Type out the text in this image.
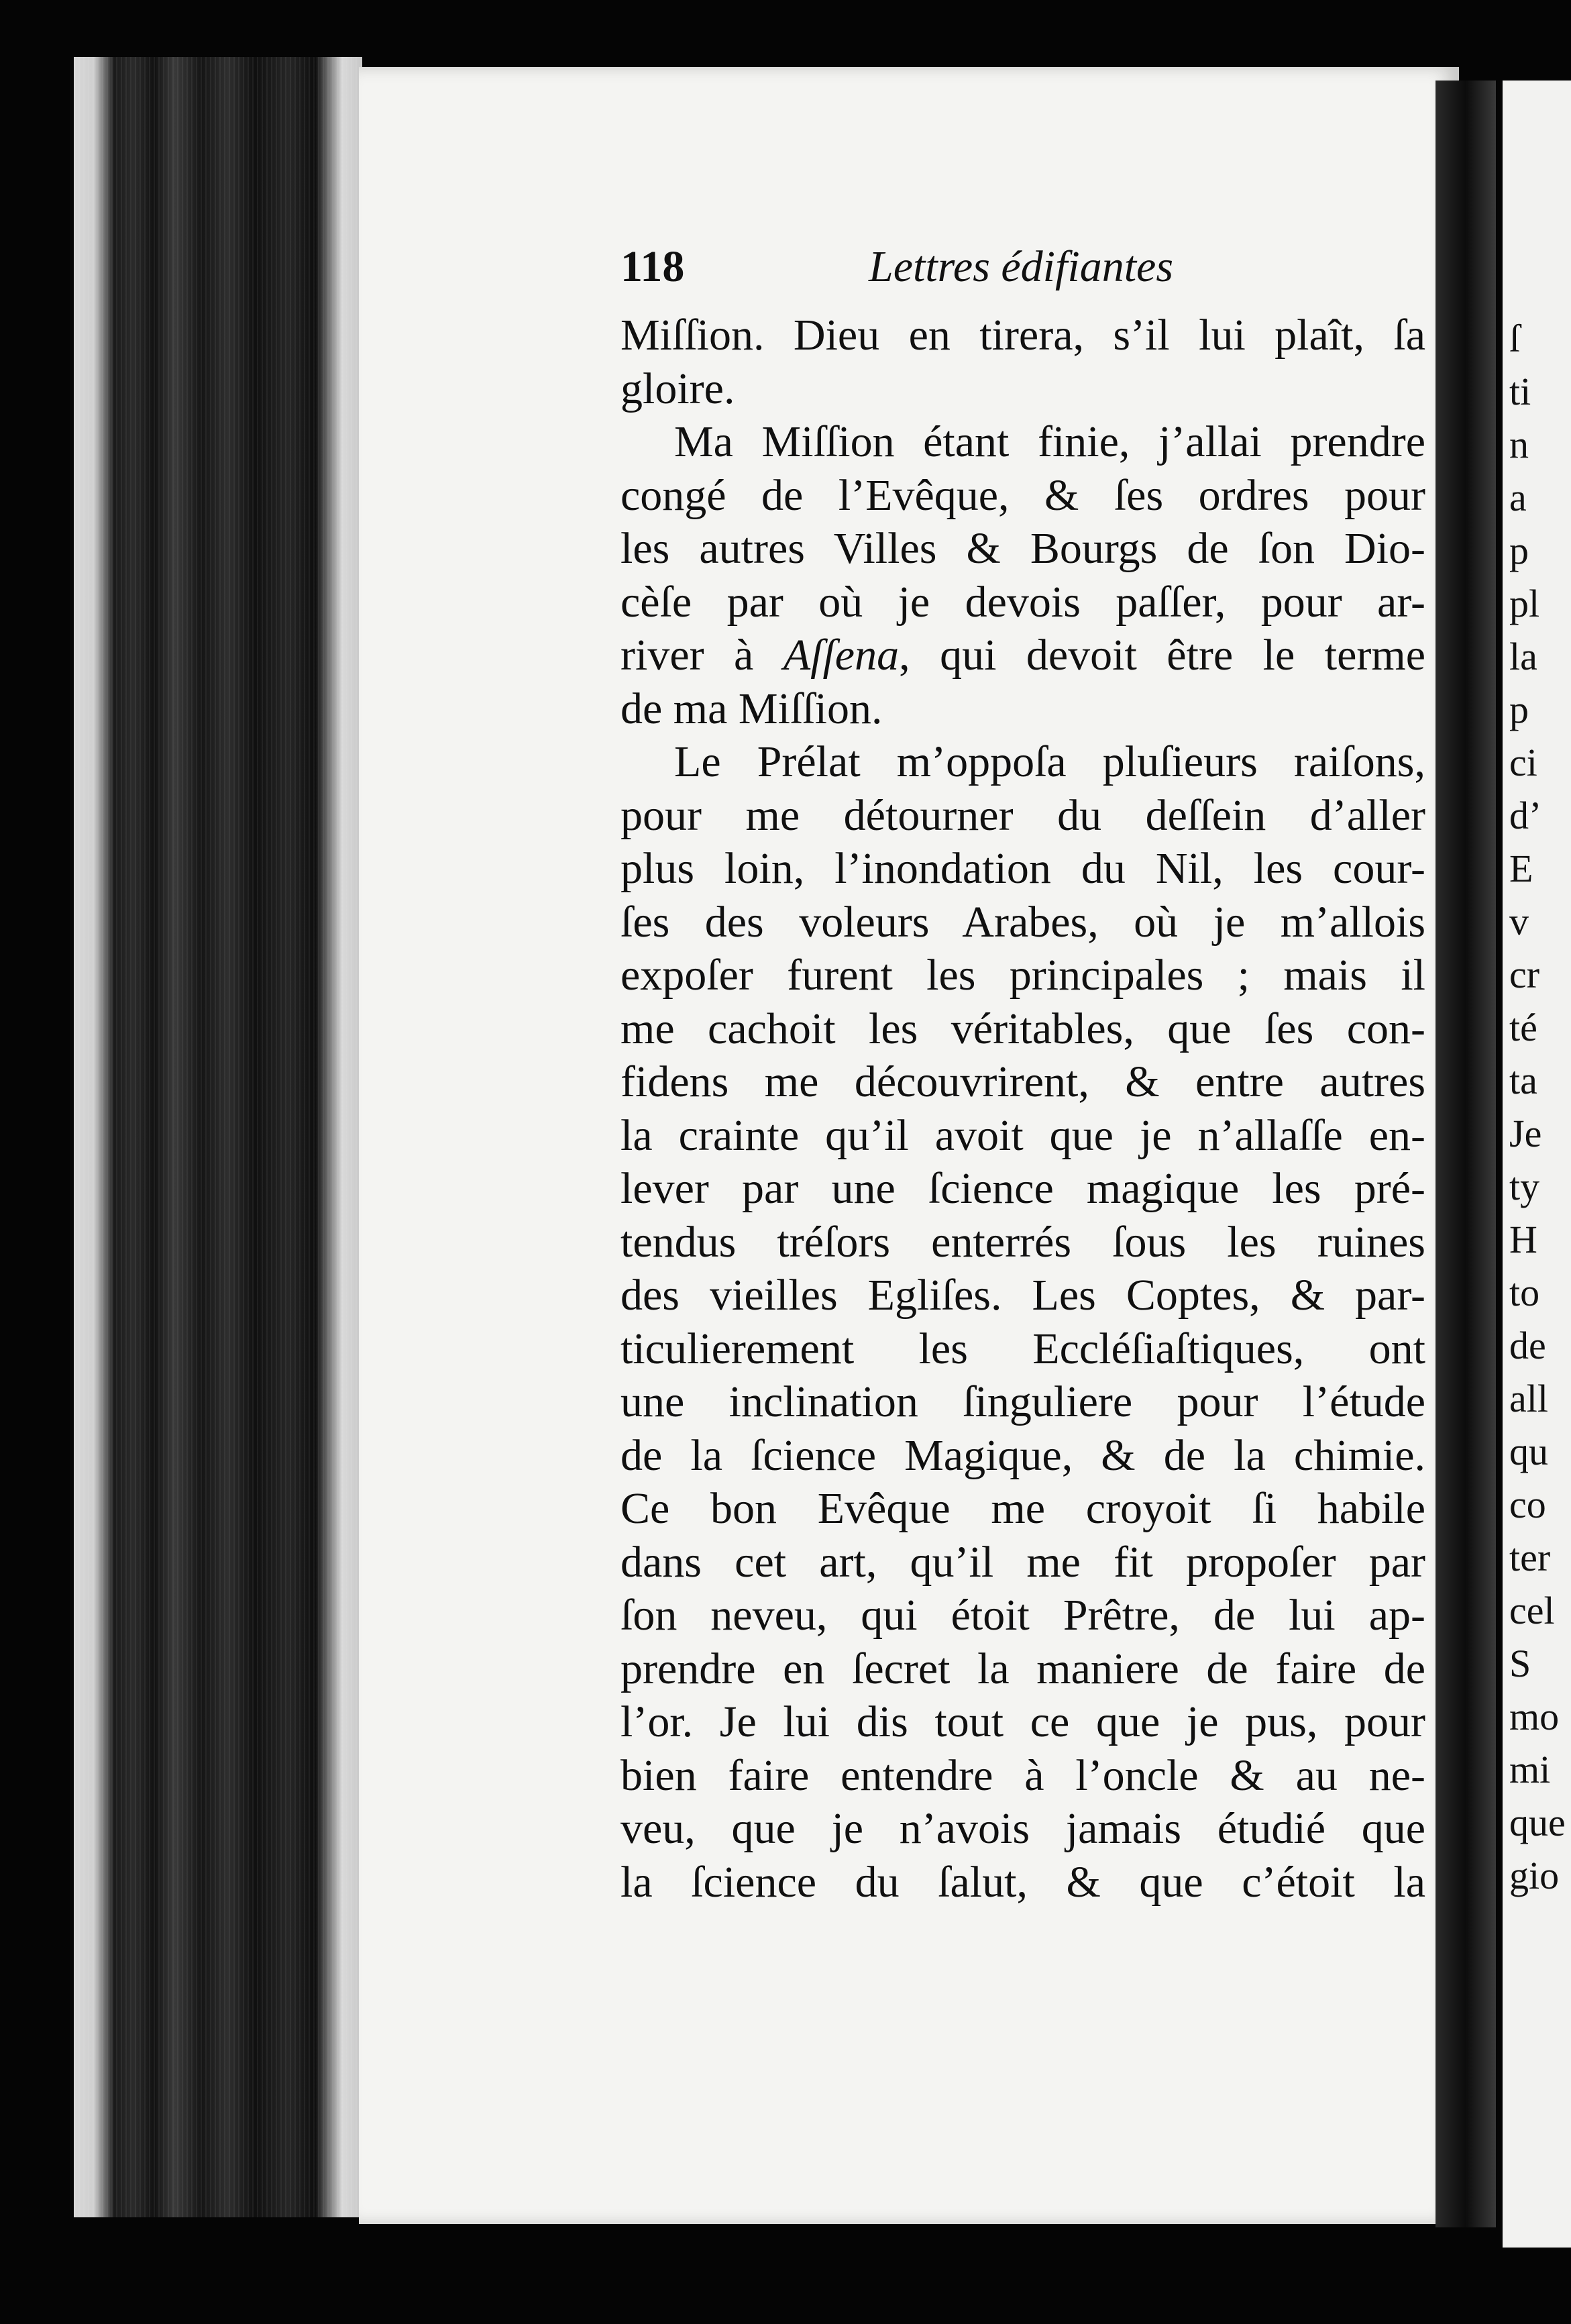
ſ
ti
n
a
p
pl
la
p
ci
d’
E
v
cr
té
ta
Je
ty
H
to
de
all
qu
co
ter
cel
S
mo
mi
que
gio
118	Lettres édifiantes
Miſſion. Dieu en tirera, s’il lui plaît, ſa
gloire.
Ma Miſſion étant finie, j’allai prendre
congé de l’Evêque, & ſes ordres pour
les autres Villes & Bourgs de ſon Dio-
cèſe par où je devois paſſer, pour ar-
river à Aſſena, qui devoit être le terme
de ma Miſſion.
Le Prélat m’oppoſa pluſieurs raiſons,
pour me détourner du deſſein d’aller
plus loin, l’inondation du Nil, les cour-
ſes des voleurs Arabes, où je m’allois
expoſer furent les principales ; mais il
me cachoit les véritables, que ſes con-
fidens me découvrirent, & entre autres
la crainte qu’il avoit que je n’allaſſe en-
lever par une ſcience magique les pré-
tendus tréſors enterrés ſous les ruines
des vieilles Egliſes. Les Coptes, & par-
ticulierement les Eccléſiaſtiques, ont
une inclination ſinguliere pour l’étude
de la ſcience Magique, & de la chimie.
Ce bon Evêque me croyoit ſi habile
dans cet art, qu’il me fit propoſer par
ſon neveu, qui étoit Prêtre, de lui ap-
prendre en ſecret la maniere de faire de
l’or. Je lui dis tout ce que je pus, pour
bien faire entendre à l’oncle & au ne-
veu, que je n’avois jamais étudié que
la ſcience du ſalut, & que c’étoit la
